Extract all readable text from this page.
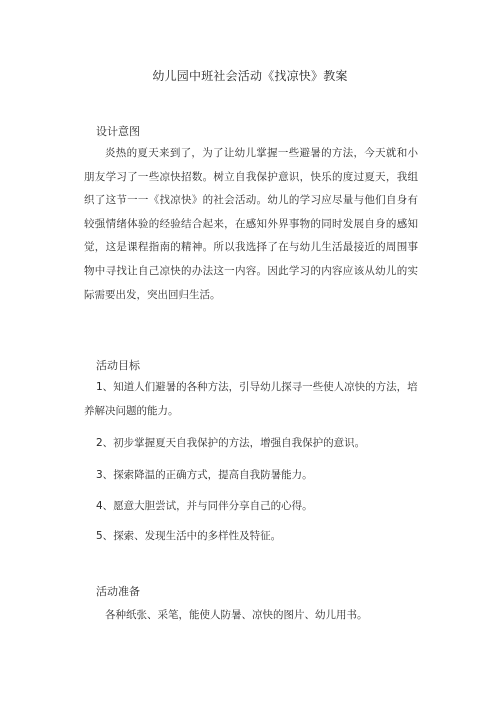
幼儿园中班社会活动《找凉快》教案
设计意图
炎热的夏天来到了，为了让幼儿掌握一些避暑的方法，今天就和小朋友学习了一些凉快招数。树立自我保护意识，快乐的度过夏天，我组织了这节一一《找凉快》的社会活动。幼儿的学习应尽量与他们自身有较强情绪体验的经验结合起来，在感知外界事物的同时发展自身的感知觉，这是课程指南的精神。所以我选择了在与幼儿生活最接近的周围事物中寻找让自己凉快的办法这一内容。因此学习的内容应该从幼儿的实际需要出发，突出回归生活。
活动目标
1、知道人们避暑的各种方法，引导幼儿探寻一些使人凉快的方法，培养解决问题的能力。
2、初步掌握夏天自我保护的方法，增强自我保护的意识。
3、探索降温的正确方式，提高自我防暑能力。
4、愿意大胆尝试，并与同伴分享自己的心得。
5、探索、发现生活中的多样性及特征。
活动准备
各种纸张、采笔，能使人防暑、凉快的图片、幼儿用书。
